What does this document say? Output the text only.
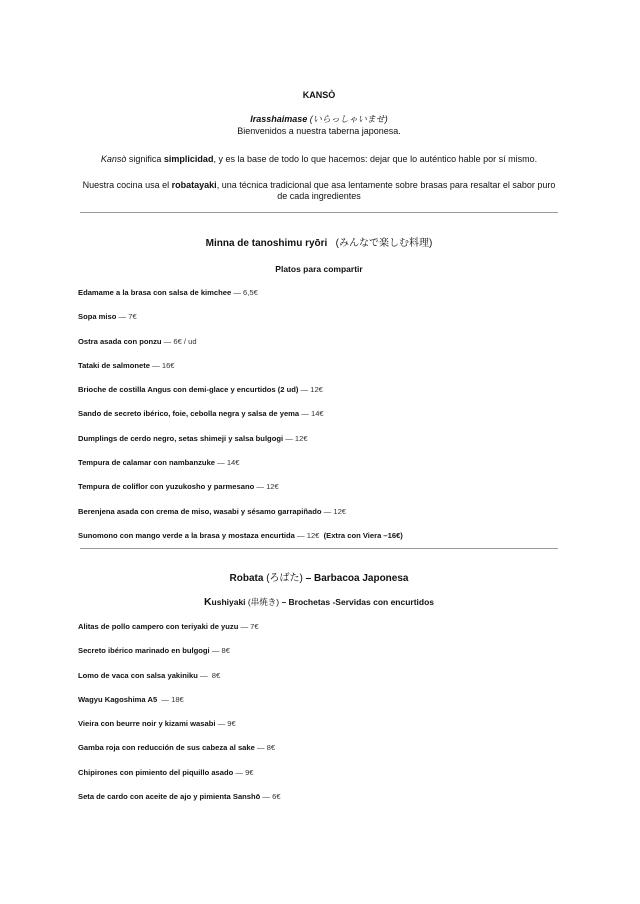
KANSÒ
Irasshaimase (いらっしゃいませ)
Bienvenidos a nuestra taberna japonesa.
Kansò significa simplicidad, y es la base de todo lo que hacemos: dejar que lo auténtico hable por sí mismo.
Nuestra cocina usa el robatayaki, una técnica tradicional que asa lentamente sobre brasas para resaltar el sabor puro de cada ingredientes
Minna de tanoshimu ryōri (みんなで楽しむ料理)
Platos para compartir
Edamame a la brasa con salsa de kimchee — 6,5€
Sopa miso — 7€
Ostra asada con ponzu — 6€ / ud
Tataki de salmonete — 16€
Brioche de costilla Angus con demi-glace y encurtidos (2 ud) — 12€
Sando de secreto ibérico, foie, cebolla negra y salsa de yema — 14€
Dumplings de cerdo negro, setas shimeji y salsa bulgogi — 12€
Tempura de calamar con nambanzuke — 14€
Tempura de coliflor con yuzukosho y parmesano — 12€
Berenjena asada con crema de miso, wasabi y sésamo garrapiñado — 12€
Sunomono con mango verde a la brasa y mostaza encurtida — 12€  (Extra con Viera –16€)
Robata (ろばた) – Barbacoa Japonesa
Kushiyaki (串焼き) – Brochetas -Servidas con encurtidos
Alitas de pollo campero con teriyaki de yuzu — 7€
Secreto ibérico marinado en bulgogi — 8€
Lomo de vaca con salsa yakiniku —  8€
Wagyu Kagoshima A5  — 18€
Vieira con beurre noir y kizami wasabi — 9€
Gamba roja con reducción de sus cabeza al sake — 8€
Chipirones con pimiento del piquillo asado — 9€
Seta de cardo con aceite de ajo y pimienta Sanshō — 6€
